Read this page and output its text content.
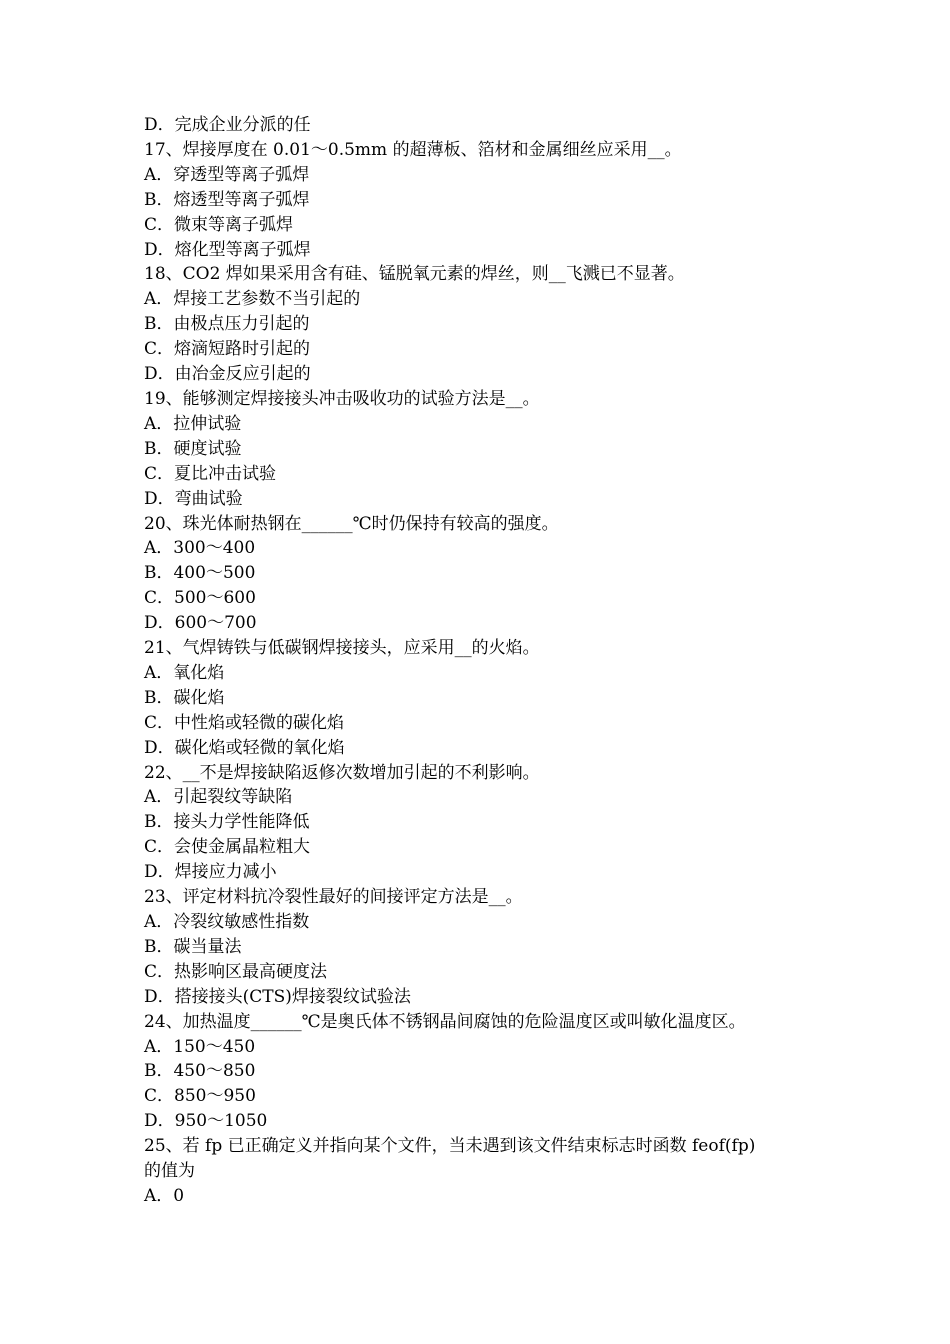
D．完成企业分派的任

17、焊接厚度在 0.01～0.5mm 的超薄板、箔材和金属细丝应采用__。

A．穿透型等离子弧焊

B．熔透型等离子弧焊

C．微束等离子弧焊

D．熔化型等离子弧焊

18、CO2 焊如果采用含有硅、锰脱氧元素的焊丝，则__飞溅已不显著。

A．焊接工艺参数不当引起的

B．由极点压力引起的

C．熔滴短路时引起的

D．由冶金反应引起的

19、能够测定焊接接头冲击吸收功的试验方法是__。

A．拉伸试验

B．硬度试验

C．夏比冲击试验

D．弯曲试验

20、珠光体耐热钢在______℃时仍保持有较高的强度。

A．300～400

B．400～500

C．500～600

D．600～700

21、气焊铸铁与低碳钢焊接接头，应采用__的火焰。

A．氧化焰

B．碳化焰

C．中性焰或轻微的碳化焰

D．碳化焰或轻微的氧化焰

22、__不是焊接缺陷返修次数增加引起的不利影响。

A．引起裂纹等缺陷

B．接头力学性能降低

C．会使金属晶粒粗大

D．焊接应力减小

23、评定材料抗冷裂性最好的间接评定方法是__。

A．冷裂纹敏感性指数

B．碳当量法

C．热影响区最高硬度法

D．搭接接头(CTS)焊接裂纹试验法

24、加热温度______℃是奥氏体不锈钢晶间腐蚀的危险温度区或叫敏化温度区。

A．150～450

B．450～850

C．850～950

D．950～1050

25、若 fp 已正确定义并指向某个文件，当未遇到该文件结束标志时函数 feof(fp)

的值为

A．0
